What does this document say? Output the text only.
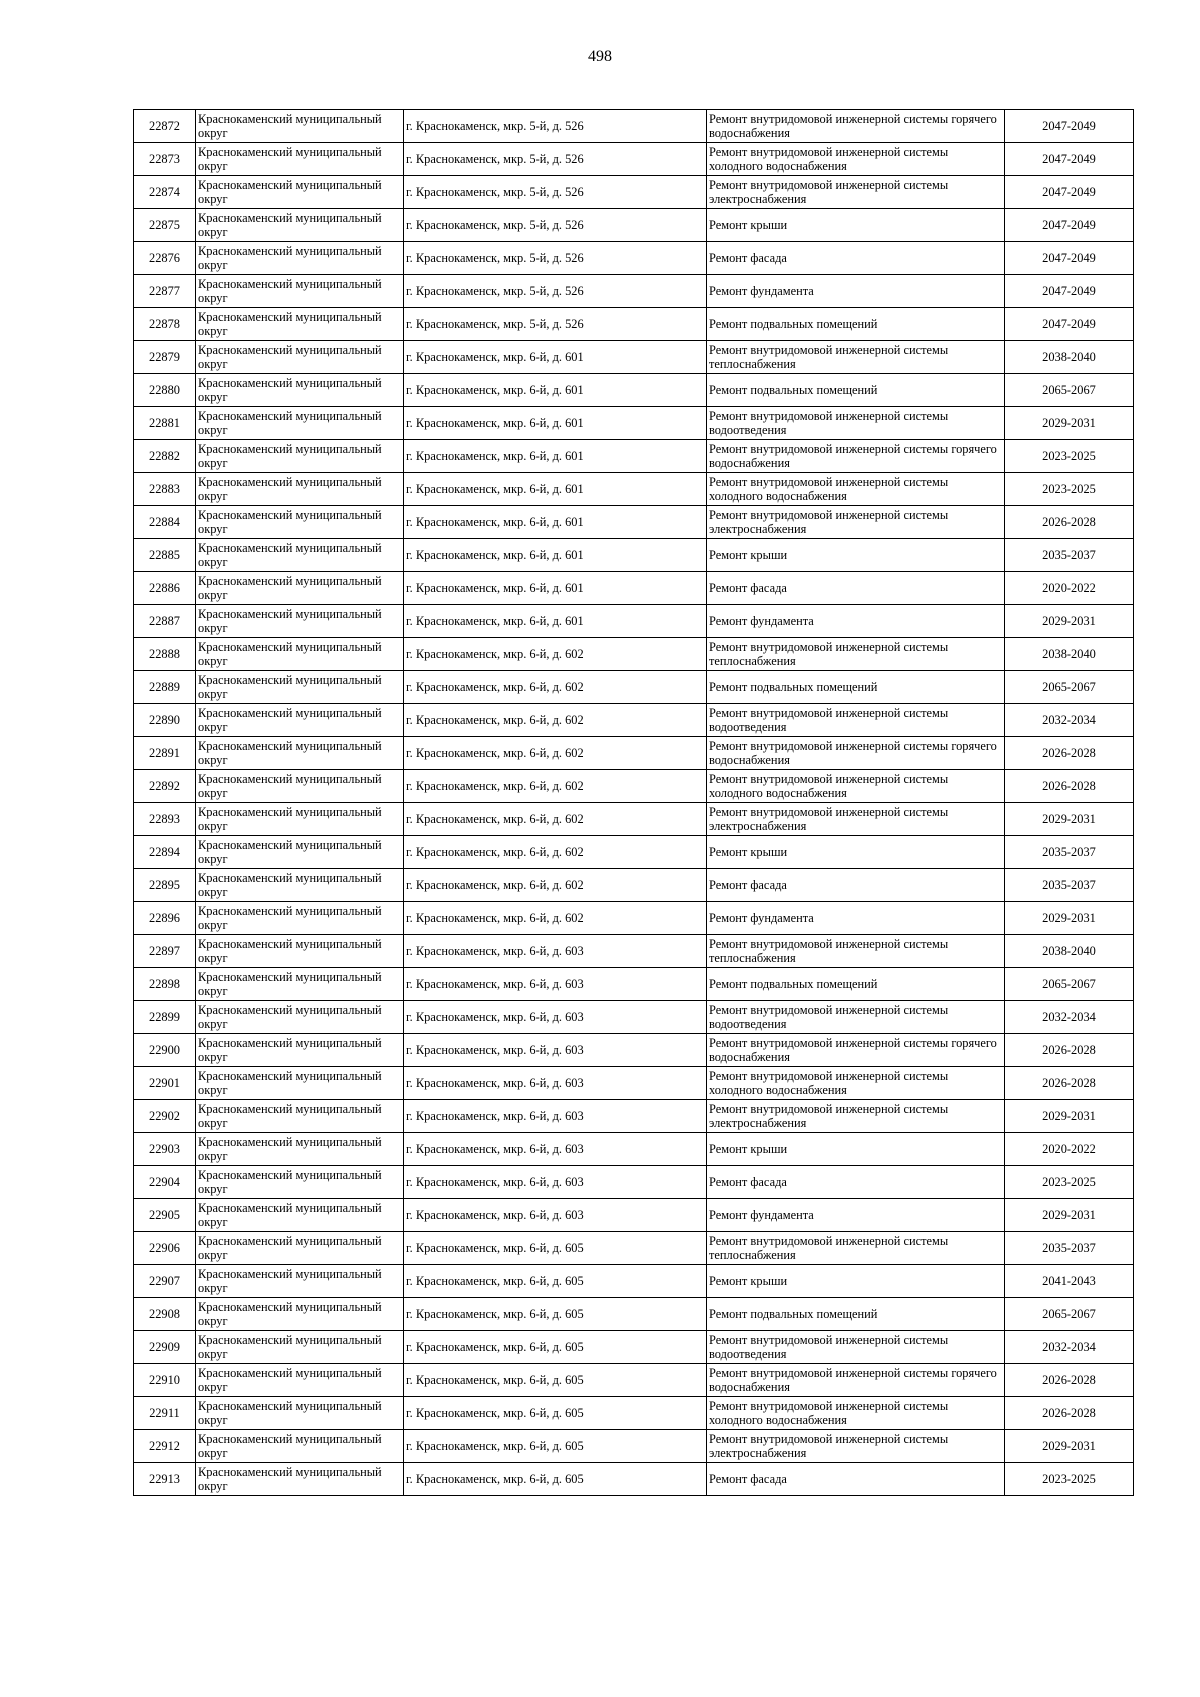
498
22872	Краснокаменский муниципальный округ	г. Краснокаменск, мкр. 5-й, д. 526	Ремонт внутридомовой инженерной системы горячего водоснабжения	2047-2049
22873	Краснокаменский муниципальный округ	г. Краснокаменск, мкр. 5-й, д. 526	Ремонт внутридомовой инженерной системы холодного водоснабжения	2047-2049
22874	Краснокаменский муниципальный округ	г. Краснокаменск, мкр. 5-й, д. 526	Ремонт внутридомовой инженерной системы электроснабжения	2047-2049
22875	Краснокаменский муниципальный округ	г. Краснокаменск, мкр. 5-й, д. 526	Ремонт крыши	2047-2049
22876	Краснокаменский муниципальный округ	г. Краснокаменск, мкр. 5-й, д. 526	Ремонт фасада	2047-2049
22877	Краснокаменский муниципальный округ	г. Краснокаменск, мкр. 5-й, д. 526	Ремонт фундамента	2047-2049
22878	Краснокаменский муниципальный округ	г. Краснокаменск, мкр. 5-й, д. 526	Ремонт подвальных помещений	2047-2049
22879	Краснокаменский муниципальный округ	г. Краснокаменск, мкр. 6-й, д. 601	Ремонт внутридомовой инженерной системы теплоснабжения	2038-2040
22880	Краснокаменский муниципальный округ	г. Краснокаменск, мкр. 6-й, д. 601	Ремонт подвальных помещений	2065-2067
22881	Краснокаменский муниципальный округ	г. Краснокаменск, мкр. 6-й, д. 601	Ремонт внутридомовой инженерной системы водоотведения	2029-2031
22882	Краснокаменский муниципальный округ	г. Краснокаменск, мкр. 6-й, д. 601	Ремонт внутридомовой инженерной системы горячего водоснабжения	2023-2025
22883	Краснокаменский муниципальный округ	г. Краснокаменск, мкр. 6-й, д. 601	Ремонт внутридомовой инженерной системы холодного водоснабжения	2023-2025
22884	Краснокаменский муниципальный округ	г. Краснокаменск, мкр. 6-й, д. 601	Ремонт внутридомовой инженерной системы электроснабжения	2026-2028
22885	Краснокаменский муниципальный округ	г. Краснокаменск, мкр. 6-й, д. 601	Ремонт крыши	2035-2037
22886	Краснокаменский муниципальный округ	г. Краснокаменск, мкр. 6-й, д. 601	Ремонт фасада	2020-2022
22887	Краснокаменский муниципальный округ	г. Краснокаменск, мкр. 6-й, д. 601	Ремонт фундамента	2029-2031
22888	Краснокаменский муниципальный округ	г. Краснокаменск, мкр. 6-й, д. 602	Ремонт внутридомовой инженерной системы теплоснабжения	2038-2040
22889	Краснокаменский муниципальный округ	г. Краснокаменск, мкр. 6-й, д. 602	Ремонт подвальных помещений	2065-2067
22890	Краснокаменский муниципальный округ	г. Краснокаменск, мкр. 6-й, д. 602	Ремонт внутридомовой инженерной системы водоотведения	2032-2034
22891	Краснокаменский муниципальный округ	г. Краснокаменск, мкр. 6-й, д. 602	Ремонт внутридомовой инженерной системы горячего водоснабжения	2026-2028
22892	Краснокаменский муниципальный округ	г. Краснокаменск, мкр. 6-й, д. 602	Ремонт внутридомовой инженерной системы холодного водоснабжения	2026-2028
22893	Краснокаменский муниципальный округ	г. Краснокаменск, мкр. 6-й, д. 602	Ремонт внутридомовой инженерной системы электроснабжения	2029-2031
22894	Краснокаменский муниципальный округ	г. Краснокаменск, мкр. 6-й, д. 602	Ремонт крыши	2035-2037
22895	Краснокаменский муниципальный округ	г. Краснокаменск, мкр. 6-й, д. 602	Ремонт фасада	2035-2037
22896	Краснокаменский муниципальный округ	г. Краснокаменск, мкр. 6-й, д. 602	Ремонт фундамента	2029-2031
22897	Краснокаменский муниципальный округ	г. Краснокаменск, мкр. 6-й, д. 603	Ремонт внутридомовой инженерной системы теплоснабжения	2038-2040
22898	Краснокаменский муниципальный округ	г. Краснокаменск, мкр. 6-й, д. 603	Ремонт подвальных помещений	2065-2067
22899	Краснокаменский муниципальный округ	г. Краснокаменск, мкр. 6-й, д. 603	Ремонт внутридомовой инженерной системы водоотведения	2032-2034
22900	Краснокаменский муниципальный округ	г. Краснокаменск, мкр. 6-й, д. 603	Ремонт внутридомовой инженерной системы горячего водоснабжения	2026-2028
22901	Краснокаменский муниципальный округ	г. Краснокаменск, мкр. 6-й, д. 603	Ремонт внутридомовой инженерной системы холодного водоснабжения	2026-2028
22902	Краснокаменский муниципальный округ	г. Краснокаменск, мкр. 6-й, д. 603	Ремонт внутридомовой инженерной системы электроснабжения	2029-2031
22903	Краснокаменский муниципальный округ	г. Краснокаменск, мкр. 6-й, д. 603	Ремонт крыши	2020-2022
22904	Краснокаменский муниципальный округ	г. Краснокаменск, мкр. 6-й, д. 603	Ремонт фасада	2023-2025
22905	Краснокаменский муниципальный округ	г. Краснокаменск, мкр. 6-й, д. 603	Ремонт фундамента	2029-2031
22906	Краснокаменский муниципальный округ	г. Краснокаменск, мкр. 6-й, д. 605	Ремонт внутридомовой инженерной системы теплоснабжения	2035-2037
22907	Краснокаменский муниципальный округ	г. Краснокаменск, мкр. 6-й, д. 605	Ремонт крыши	2041-2043
22908	Краснокаменский муниципальный округ	г. Краснокаменск, мкр. 6-й, д. 605	Ремонт подвальных помещений	2065-2067
22909	Краснокаменский муниципальный округ	г. Краснокаменск, мкр. 6-й, д. 605	Ремонт внутридомовой инженерной системы водоотведения	2032-2034
22910	Краснокаменский муниципальный округ	г. Краснокаменск, мкр. 6-й, д. 605	Ремонт внутридомовой инженерной системы горячего водоснабжения	2026-2028
22911	Краснокаменский муниципальный округ	г. Краснокаменск, мкр. 6-й, д. 605	Ремонт внутридомовой инженерной системы холодного водоснабжения	2026-2028
22912	Краснокаменский муниципальный округ	г. Краснокаменск, мкр. 6-й, д. 605	Ремонт внутридомовой инженерной системы электроснабжения	2029-2031
22913	Краснокаменский муниципальный округ	г. Краснокаменск, мкр. 6-й, д. 605	Ремонт фасада	2023-2025
